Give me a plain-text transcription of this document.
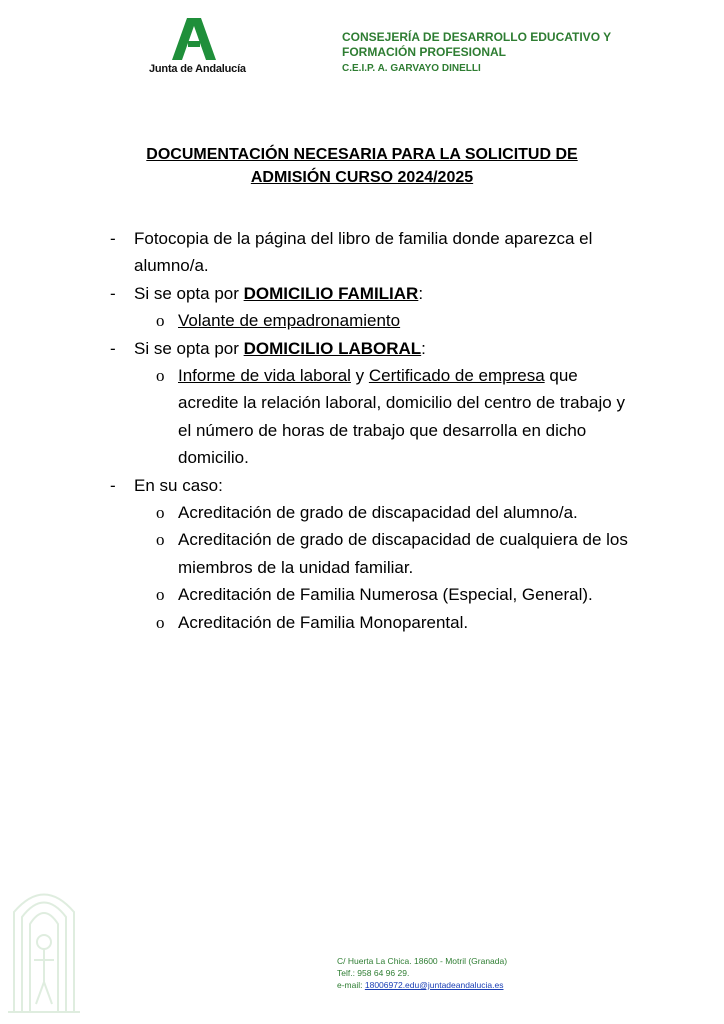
Junta de Andalucía
CONSEJERÍA DE DESARROLLO EDUCATIVO Y
FORMACIÓN PROFESIONAL
C.E.I.P. A. GARVAYO DINELLI
DOCUMENTACIÓN NECESARIA PARA LA SOLICITUD DE
ADMISIÓN CURSO 2024/2025
- Fotocopia de la página del libro de familia donde aparezca el alumno/a.
- Si se opta por DOMICILIO FAMILIAR:
o Volante de empadronamiento
- Si se opta por DOMICILIO LABORAL:
o Informe de vida laboral y Certificado de empresa que acredite la relación laboral, domicilio del centro de trabajo y el número de horas de trabajo que desarrolla en dicho domicilio.
- En su caso:
o Acreditación de grado de discapacidad del alumno/a.
o Acreditación de grado de discapacidad de cualquiera de los miembros de la unidad familiar.
o Acreditación de Familia Numerosa (Especial, General).
o Acreditación de Familia Monoparental.
C/ Huerta La Chica. 18600 - Motril (Granada)
Telf.: 958 64 96 29.
e-mail: 18006972.edu@juntadeandalucia.es
